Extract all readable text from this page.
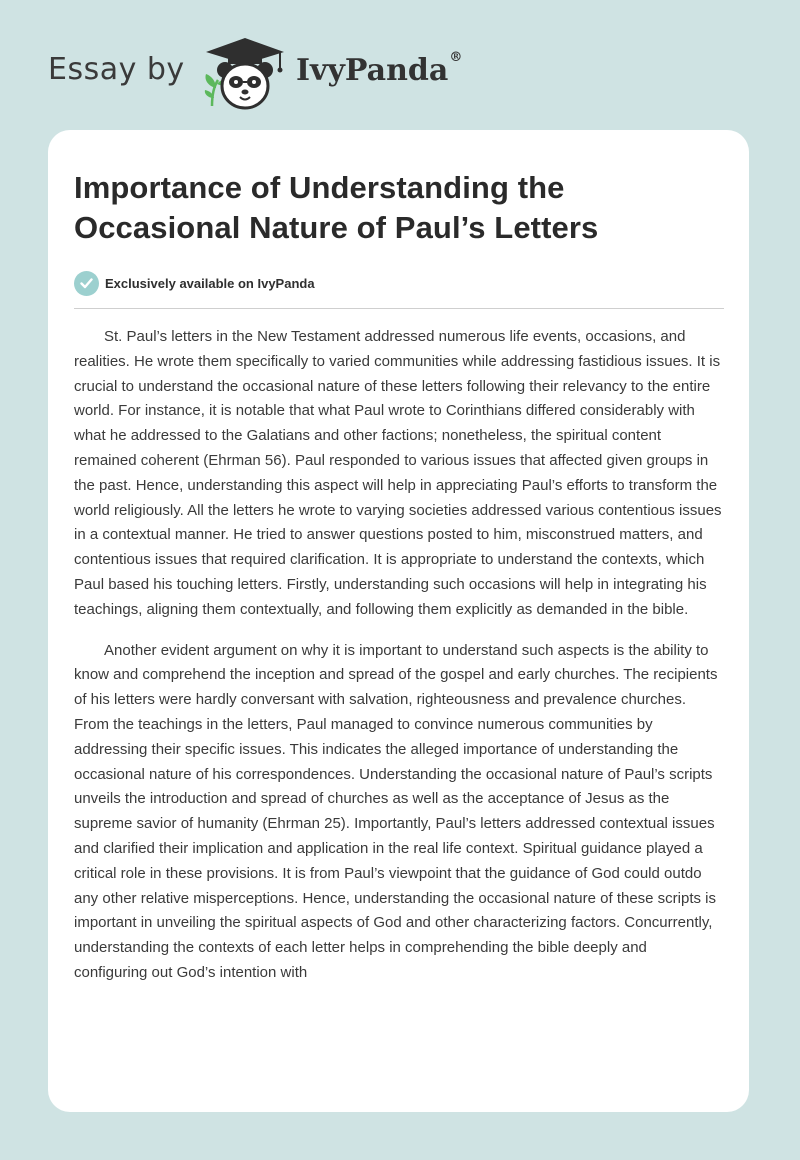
Essay by	IvyPanda®
Importance of Understanding the Occasional Nature of Paul’s Letters
Exclusively available on IvyPanda

St. Paul’s letters in the New Testament addressed numerous life events, occasions, and realities. He wrote them specifically to varied communities while addressing fastidious issues. It is crucial to understand the occasional nature of these letters following their relevancy to the entire world. For instance, it is notable that what Paul wrote to Corinthians differed considerably with what he addressed to the Galatians and other factions; nonetheless, the spiritual content remained coherent (Ehrman 56). Paul responded to various issues that affected given groups in the past. Hence, understanding this aspect will help in appreciating Paul’s efforts to transform the world religiously. All the letters he wrote to varying societies addressed various contentious issues in a contextual manner. He tried to answer questions posted to him, misconstrued matters, and contentious issues that required clarification. It is appropriate to understand the contexts, which Paul based his touching letters. Firstly, understanding such occasions will help in integrating his teachings, aligning them contextually, and following them explicitly as demanded in the bible.

Another evident argument on why it is important to understand such aspects is the ability to know and comprehend the inception and spread of the gospel and early churches. The recipients of his letters were hardly conversant with salvation, righteousness and prevalence churches. From the teachings in the letters, Paul managed to convince numerous communities by addressing their specific issues. This indicates the alleged importance of understanding the occasional nature of his correspondences. Understanding the occasional nature of Paul’s scripts unveils the introduction and spread of churches as well as the acceptance of Jesus as the supreme savior of humanity (Ehrman 25). Importantly, Paul’s letters addressed contextual issues and clarified their implication and application in the real life context. Spiritual guidance played a critical role in these provisions. It is from Paul’s viewpoint that the guidance of God could outdo any other relative misperceptions. Hence, understanding the occasional nature of these scripts is important in unveiling the spiritual aspects of God and other characterizing factors. Concurrently, understanding the contexts of each letter helps in comprehending the bible deeply and configuring out God’s intention with
